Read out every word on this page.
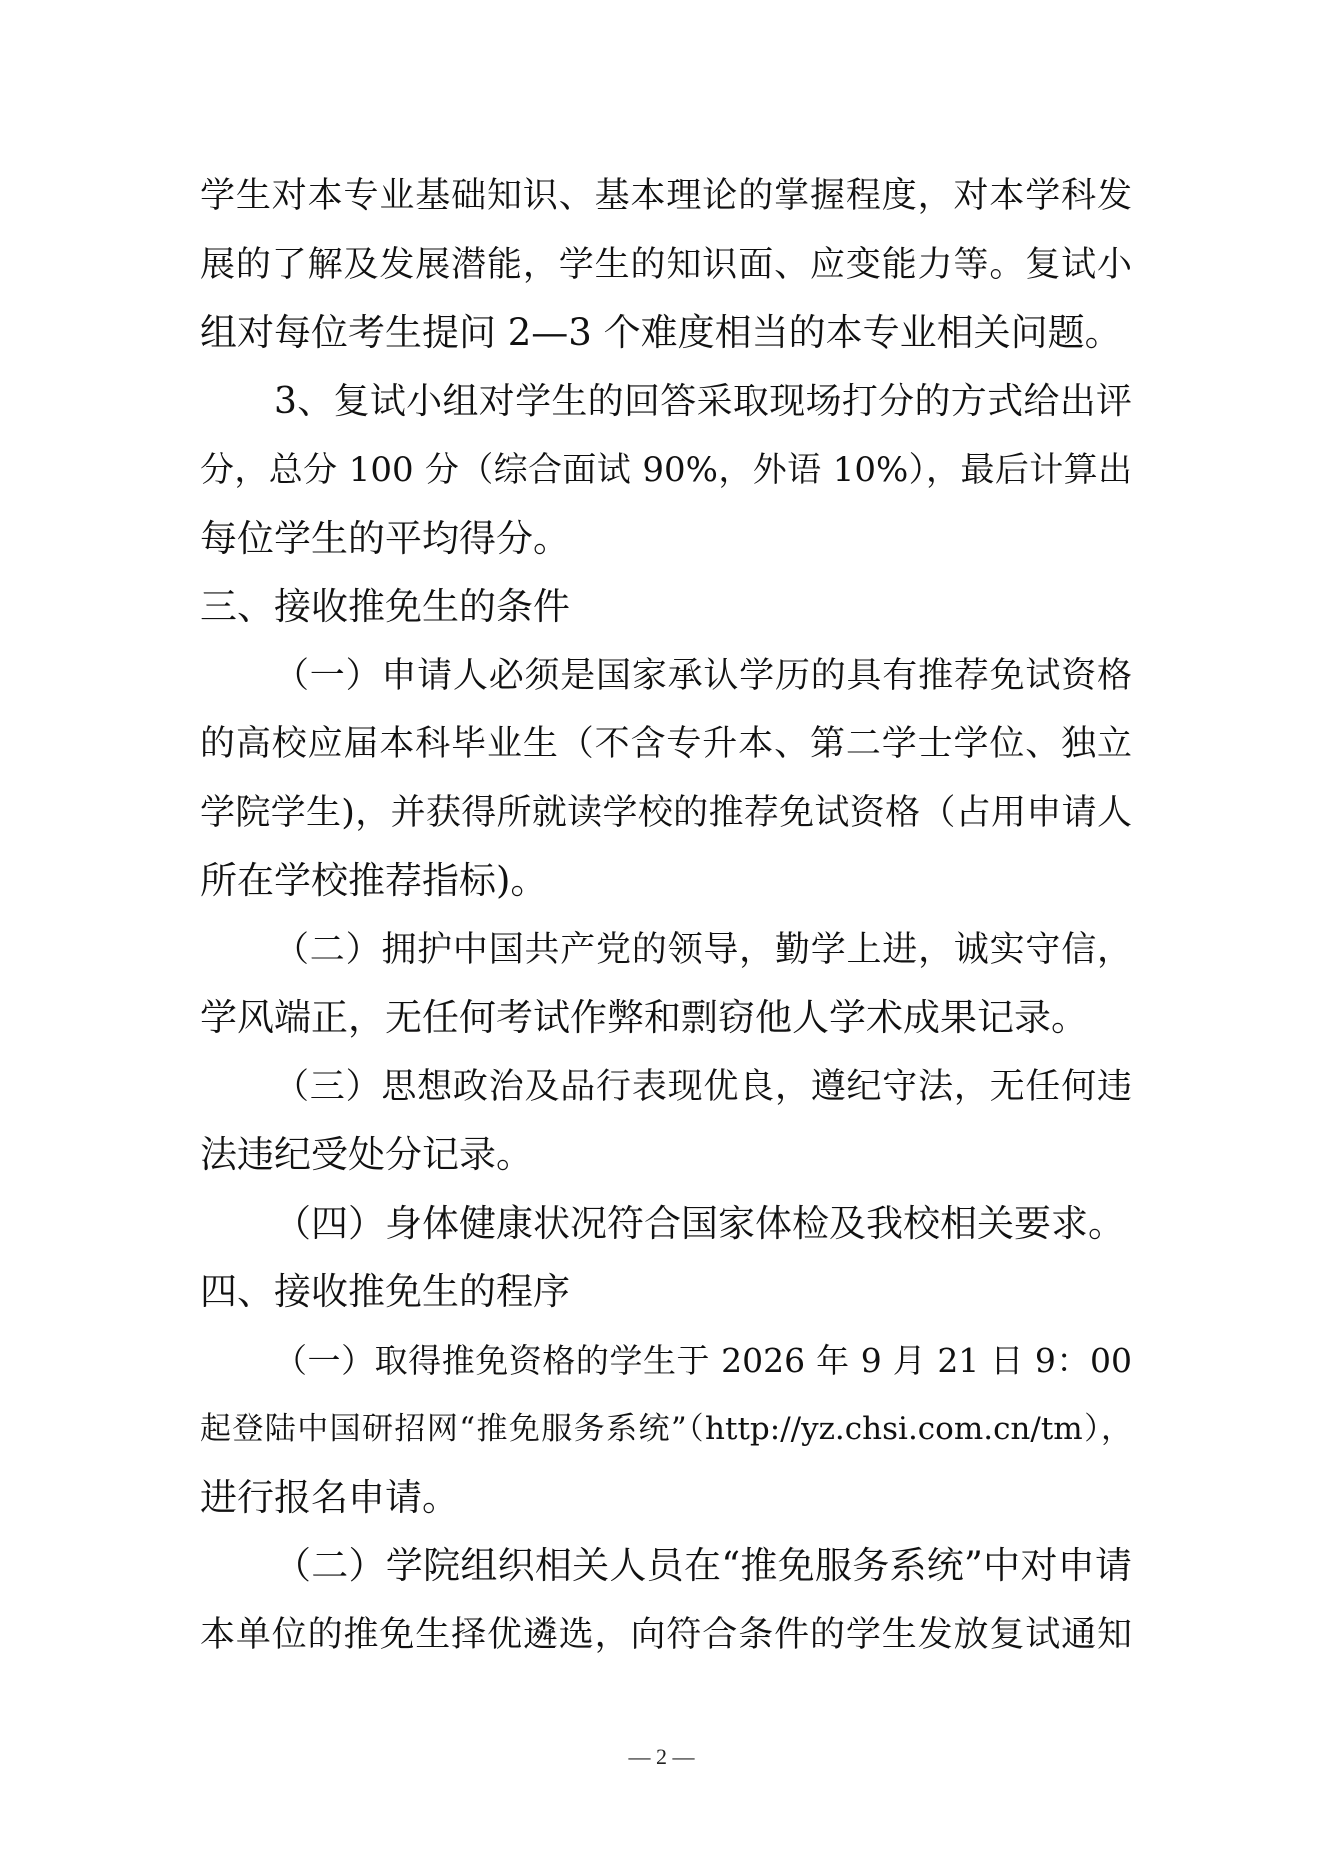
学生对本专业基础知识、基本理论的掌握程度，对本学科发
展的了解及发展潜能，学生的知识面、应变能力等。复试小
组对每位考生提问 2—3 个难度相当的本专业相关问题。
3、复试小组对学生的回答采取现场打分的方式给出评
分，总分 100 分（综合面试 90%，外语 10%），最后计算出
每位学生的平均得分。
三、接收推免生的条件
（一）申请人必须是国家承认学历的具有推荐免试资格
的高校应届本科毕业生（不含专升本、第二学士学位、独立
学院学生)，并获得所就读学校的推荐免试资格（占用申请人
所在学校推荐指标)。
（二）拥护中国共产党的领导，勤学上进，诚实守信，
学风端正，无任何考试作弊和剽窃他人学术成果记录。
（三）思想政治及品行表现优良，遵纪守法，无任何违
法违纪受处分记录。
（四）身体健康状况符合国家体检及我校相关要求。
四、接收推免生的程序
（一）取得推免资格的学生于 2026 年 9 月 21 日 9：00
起登陆中国研招网“推免服务系统”（http://yz.chsi.com.cn/tm），
进行报名申请。
（二）学院组织相关人员在“推免服务系统”中对申请
本单位的推免生择优遴选，向符合条件的学生发放复试通知
— 2 —
